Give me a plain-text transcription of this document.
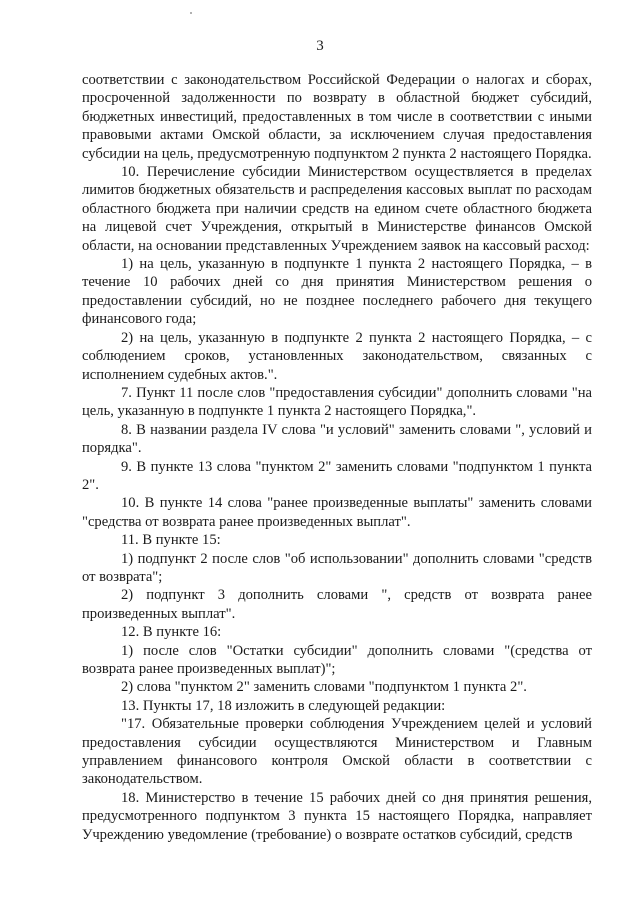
3

соответствии с законодательством Российской Федерации о налогах и сборах, просроченной задолженности по возврату в областной бюджет субсидий, бюджетных инвестиций, предоставленных в том числе в соответствии с иными правовыми актами Омской области, за исключением случая предоставления субсидии на цель, предусмотренную подпунктом 2 пункта 2 настоящего Порядка.

10. Перечисление субсидии Министерством осуществляется в пределах лимитов бюджетных обязательств и распределения кассовых выплат по расходам областного бюджета при наличии средств на едином счете областного бюджета на лицевой счет Учреждения, открытый в Министерстве финансов Омской области, на основании представленных Учреждением заявок на кассовый расход:

1) на цель, указанную в подпункте 1 пункта 2 настоящего Порядка, – в течение 10 рабочих дней со дня принятия Министерством решения о предоставлении субсидий, но не позднее последнего рабочего дня текущего финансового года;

2) на цель, указанную в подпункте 2 пункта 2 настоящего Порядка, – с соблюдением сроков, установленных законодательством, связанных с исполнением судебных актов.".

7. Пункт 11 после слов "предоставления субсидии" дополнить словами "на цель, указанную в подпункте 1 пункта 2 настоящего Порядка,".

8. В названии раздела IV слова "и условий" заменить словами ", условий и порядка".

9. В пункте 13 слова "пунктом 2" заменить словами "подпунктом 1 пункта 2".

10. В пункте 14 слова "ранее произведенные выплаты" заменить словами "средства от возврата ранее произведенных выплат".

11. В пункте 15:

1) подпункт 2 после слов "об использовании" дополнить словами "средств от возврата";

2) подпункт 3 дополнить словами ", средств от возврата ранее произведенных выплат".

12. В пункте 16:

1) после слов "Остатки субсидии" дополнить словами "(средства от возврата ранее произведенных выплат)";

2) слова "пунктом 2" заменить словами "подпунктом 1 пункта 2".

13. Пункты 17, 18 изложить в следующей редакции:

"17. Обязательные проверки соблюдения Учреждением целей и условий предоставления субсидии осуществляются Министерством и Главным управлением финансового контроля Омской области в соответствии с законодательством.

18. Министерство в течение 15 рабочих дней со дня принятия решения, предусмотренного подпунктом 3 пункта 15 настоящего Порядка, направляет Учреждению уведомление (требование) о возврате остатков субсидий, средств
